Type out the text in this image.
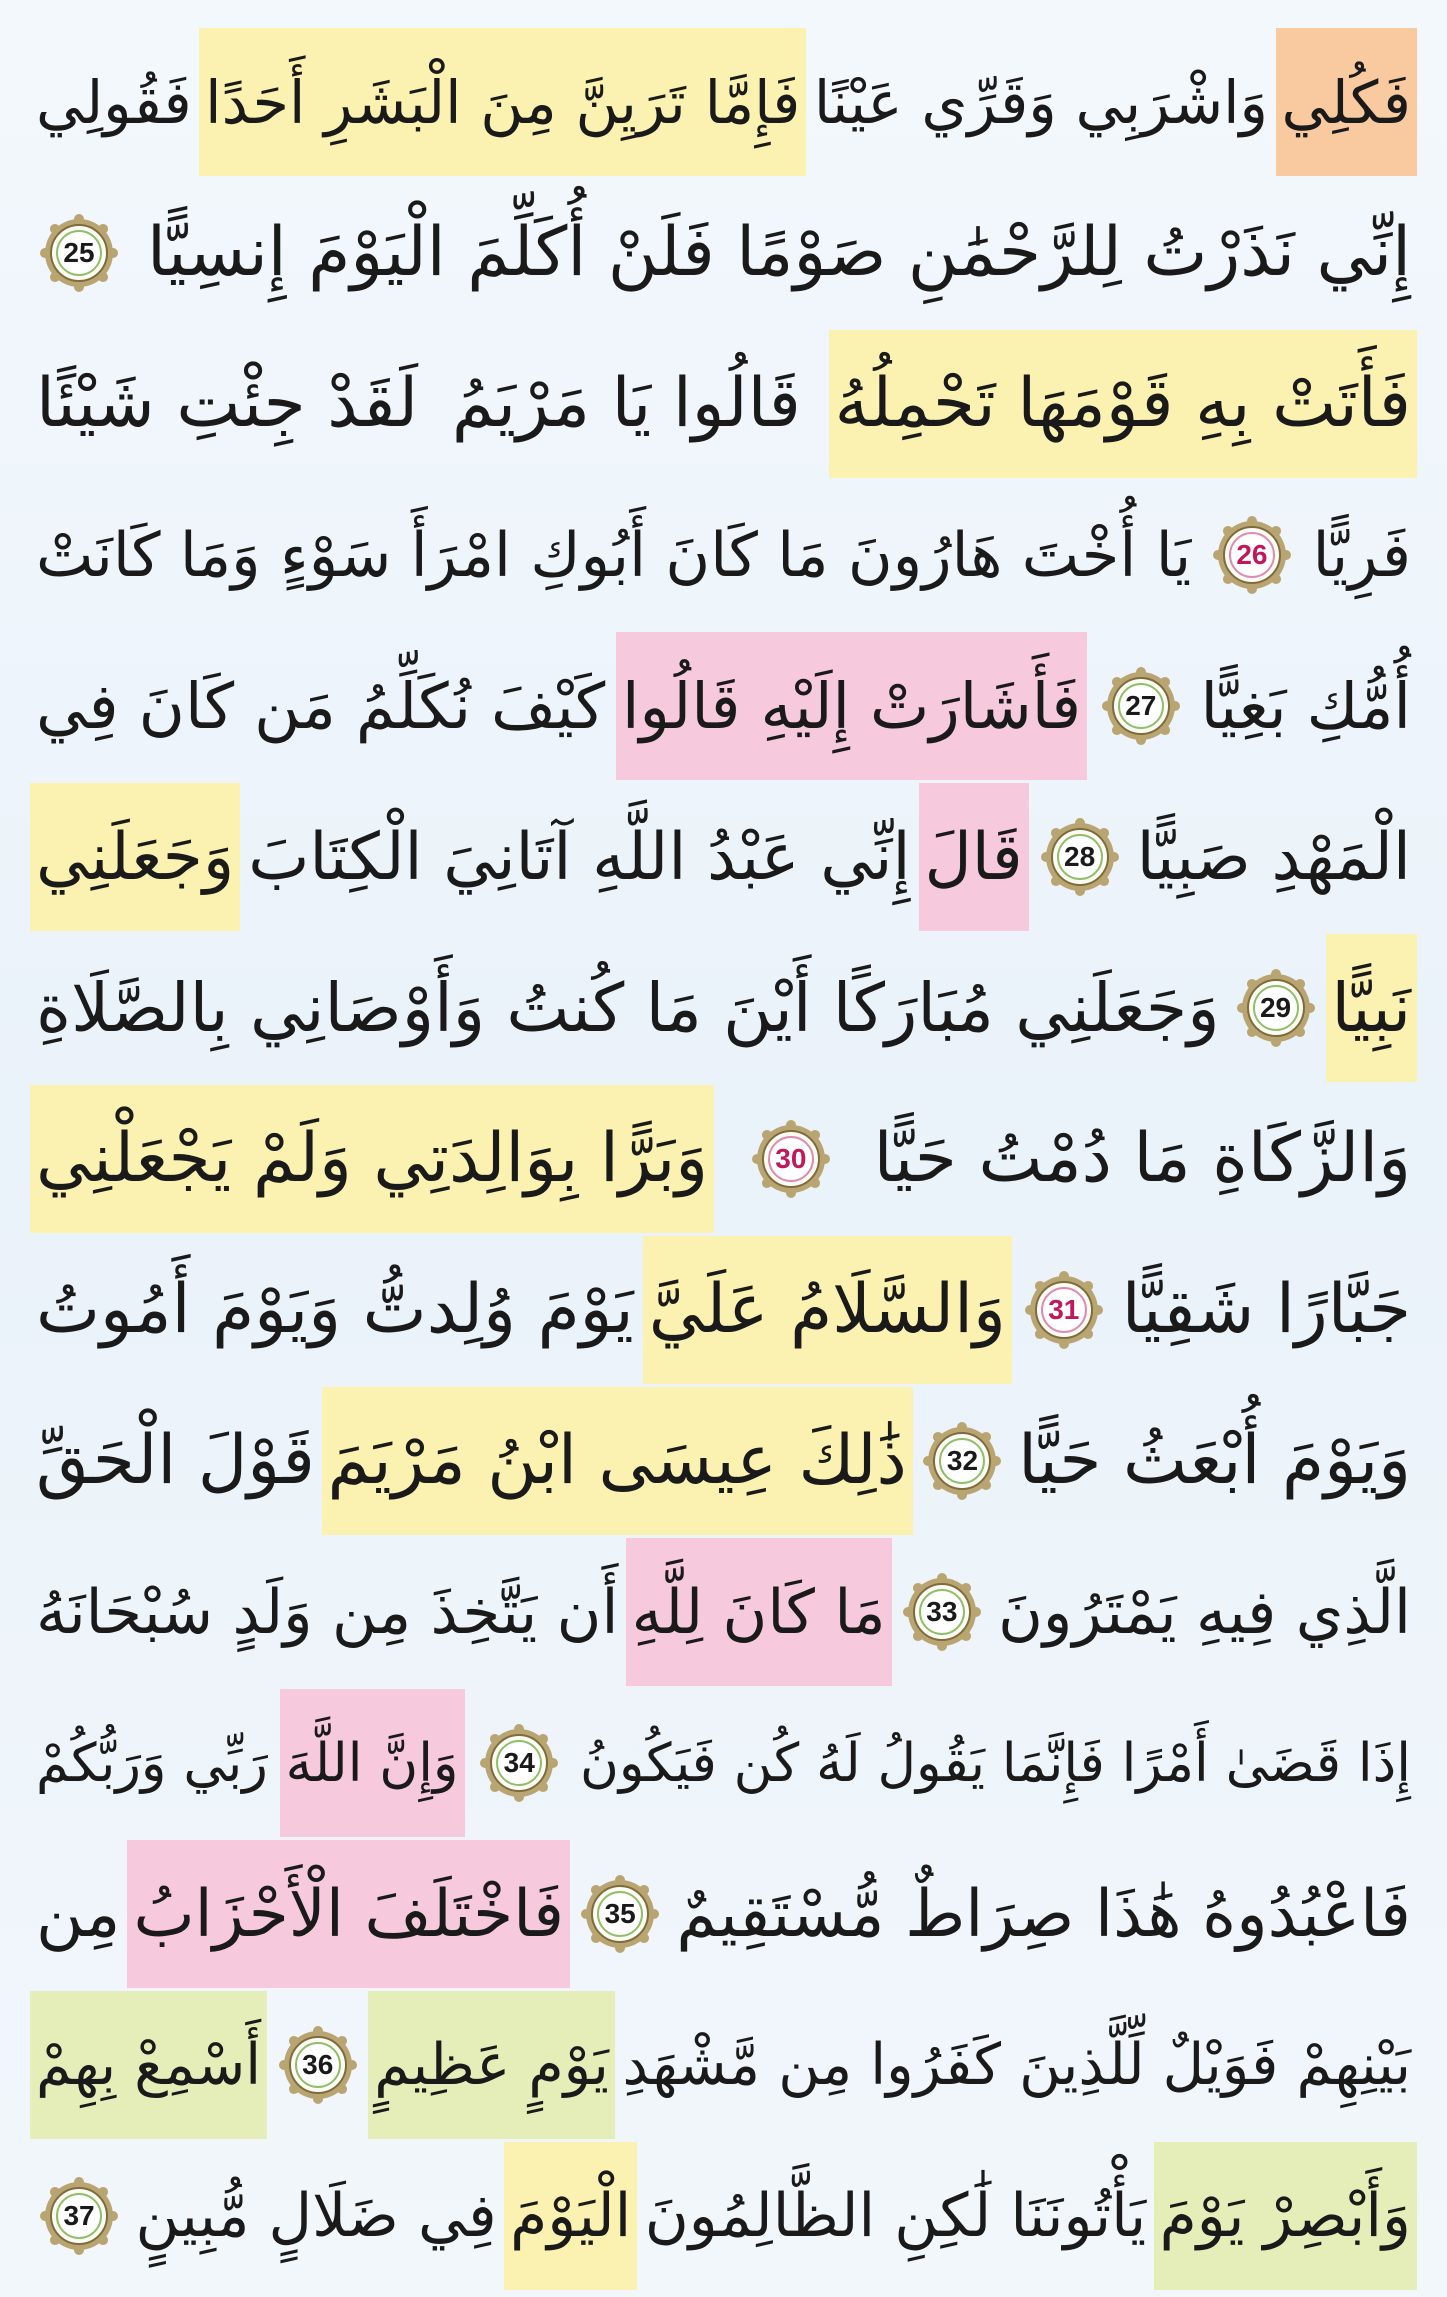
فَكُلِي
وَاشْرَبِي وَقَرِّي عَيْنًا
فَإِمَّا تَرَيِنَّ مِنَ الْبَشَرِ أَحَدًا
فَقُولِي
إِنِّي نَذَرْتُ لِلرَّحْمَٰنِ صَوْمًا فَلَنْ أُكَلِّمَ الْيَوْمَ إِنسِيًّا
25
فَأَتَتْ بِهِ قَوْمَهَا تَحْمِلُهُ
قَالُوا يَا مَرْيَمُ
لَقَدْ جِئْتِ شَيْئًا
فَرِيًّا
26
يَا أُخْتَ هَارُونَ مَا كَانَ أَبُوكِ امْرَأَ سَوْءٍ وَمَا كَانَتْ
أُمُّكِ بَغِيًّا
27
فَأَشَارَتْ إِلَيْهِ قَالُوا
كَيْفَ نُكَلِّمُ مَن كَانَ فِي
الْمَهْدِ صَبِيًّا
28
قَالَ
إِنِّي عَبْدُ اللَّهِ آتَانِيَ الْكِتَابَ
وَجَعَلَنِي
نَبِيًّا
29
وَجَعَلَنِي مُبَارَكًا أَيْنَ مَا كُنتُ وَأَوْصَانِي بِالصَّلَاةِ
وَالزَّكَاةِ مَا دُمْتُ حَيًّا
30
وَبَرًّا بِوَالِدَتِي وَلَمْ يَجْعَلْنِي
جَبَّارًا شَقِيًّا
31
وَالسَّلَامُ عَلَيَّ
يَوْمَ وُلِدتُّ وَيَوْمَ أَمُوتُ
وَيَوْمَ أُبْعَثُ حَيًّا
32
ذَٰلِكَ عِيسَى ابْنُ مَرْيَمَ
قَوْلَ الْحَقِّ
الَّذِي فِيهِ يَمْتَرُونَ
33
مَا كَانَ لِلَّهِ
أَن يَتَّخِذَ مِن وَلَدٍ سُبْحَانَهُ
إِذَا قَضَىٰ أَمْرًا فَإِنَّمَا يَقُولُ لَهُ كُن فَيَكُونُ
34
وَإِنَّ اللَّهَ
رَبِّي وَرَبُّكُمْ
فَاعْبُدُوهُ هَٰذَا صِرَاطٌ مُّسْتَقِيمٌ
35
فَاخْتَلَفَ الْأَحْزَابُ
مِن
بَيْنِهِمْ فَوَيْلٌ لِّلَّذِينَ كَفَرُوا مِن مَّشْهَدِ
يَوْمٍ عَظِيمٍ
36
أَسْمِعْ بِهِمْ
وَأَبْصِرْ يَوْمَ
يَأْتُونَنَا لَٰكِنِ الظَّالِمُونَ
الْيَوْمَ
فِي ضَلَالٍ مُّبِينٍ
37
